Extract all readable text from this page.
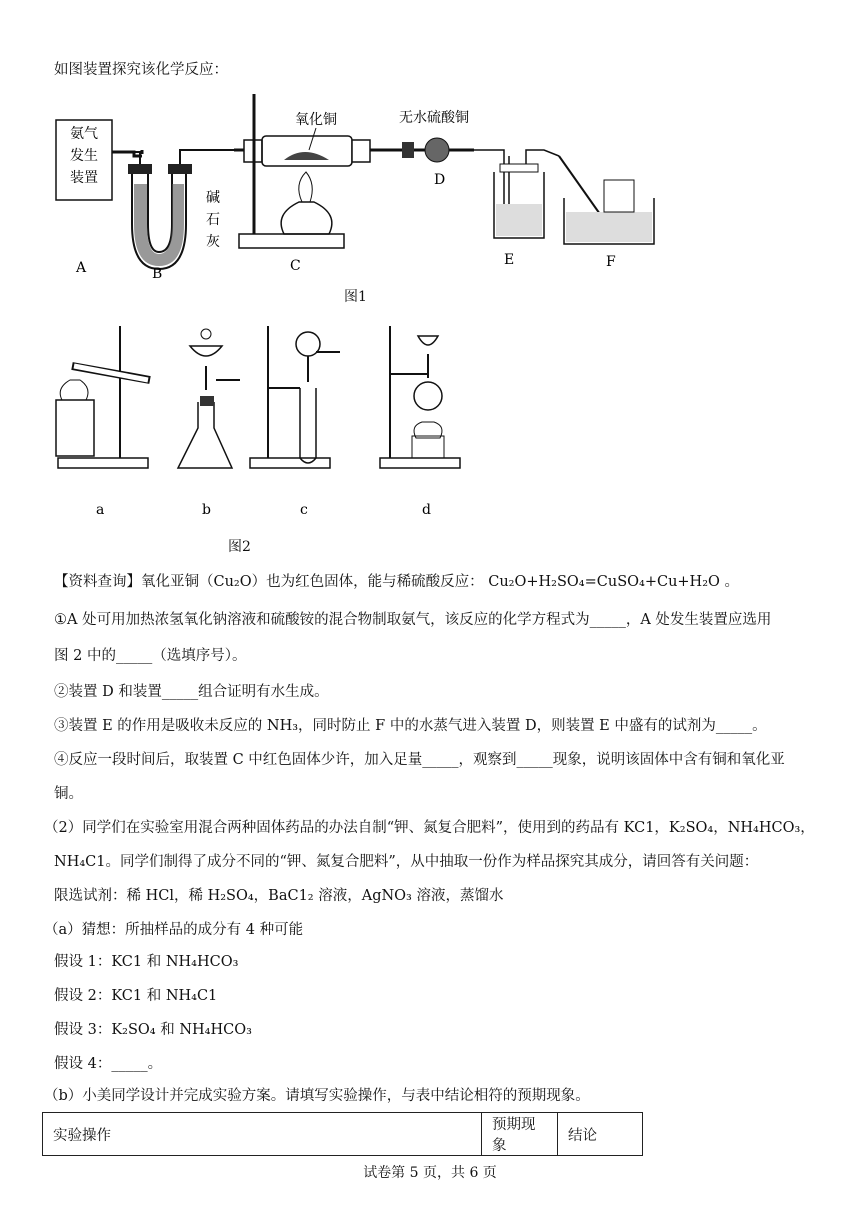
如图装置探究该化学反应：
氨气
发生
装置
碱
石
灰
氧化铜
C
无水硫酸铜
D
E	F
A	B
图1
a	b	c	d
图2
【资料查询】氧化亚铜（Cu₂O）也为红色固体，能与稀硫酸反应： Cu₂O+H₂SO₄=CuSO₄+Cu+H₂O 。
①A 处可用加热浓氢氧化钠溶液和硫酸铵的混合物制取氨气，该反应的化学方程式为_____，A 处发生装置应选用
图 2 中的_____（选填序号）。
②装置 D 和装置_____组合证明有水生成。
③装置 E 的作用是吸收未反应的 NH₃，同时防止 F 中的水蒸气进入装置 D，则装置 E 中盛有的试剂为_____。
④反应一段时间后，取装置 C 中红色固体少许，加入足量_____，观察到_____现象，说明该固体中含有铜和氧化亚
铜。
（2）同学们在实验室用混合两种固体药品的办法自制“钾、氮复合肥料”，使用到的药品有 KC1，K₂SO₄，NH₄HCO₃，
NH₄C1。同学们制得了成分不同的“钾、氮复合肥料”，从中抽取一份作为样品探究其成分，请回答有关问题：
限选试剂：稀 HCl，稀 H₂SO₄，BaC1₂ 溶液，AgNO₃ 溶液，蒸馏水
（a）猜想：所抽样品的成分有 4 种可能
假设 1：KC1 和 NH₄HCO₃
假设 2：KC1 和 NH₄C1
假设 3：K₂SO₄ 和 NH₄HCO₃
假设 4：_____。
（b）小美同学设计并完成实验方案。请填写实验操作，与表中结论相符的预期现象。
实验操作	预期现象	结论
试卷第 5 页，共 6 页
